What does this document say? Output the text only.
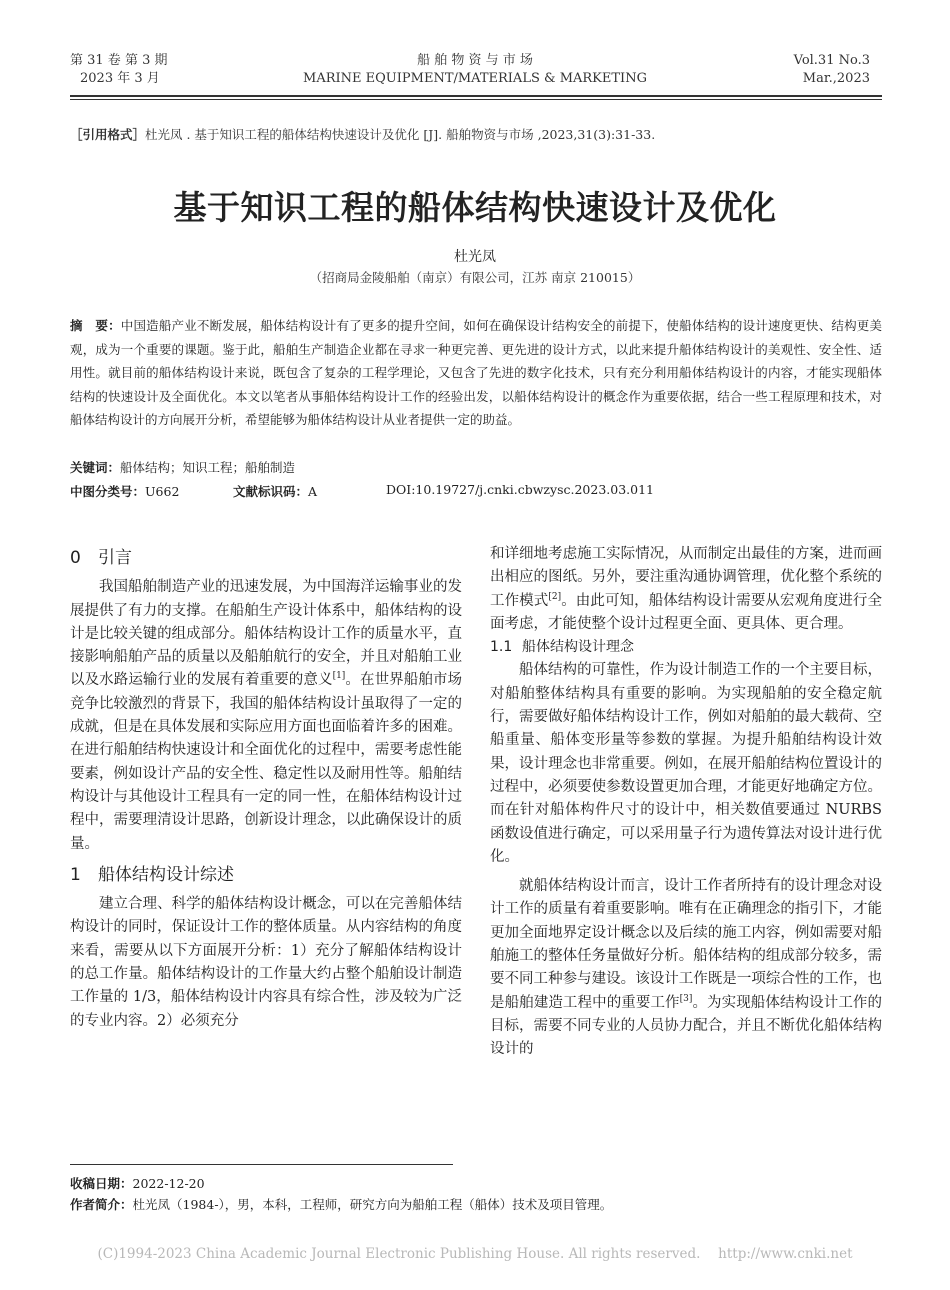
第 31 卷 第 3 期
2023 年 3 月
船 舶 物 资 与 市 场
MARINE EQUIPMENT/MATERIALS & MARKETING
Vol.31 No.3
Mar.,2023
［引用格式］杜光凤 . 基于知识工程的船体结构快速设计及优化 [J]. 船舶物资与市场 ,2023,31(3):31-33.
基于知识工程的船体结构快速设计及优化
杜光凤
（招商局金陵船舶（南京）有限公司，江苏 南京 210015）
摘　要：中国造船产业不断发展，船体结构设计有了更多的提升空间，如何在确保设计结构安全的前提下，使船体结构的设计速度更快、结构更美观，成为一个重要的课题。鉴于此，船舶生产制造企业都在寻求一种更完善、更先进的设计方式，以此来提升船体结构设计的美观性、安全性、适用性。就目前的船体结构设计来说，既包含了复杂的工程学理论，又包含了先进的数字化技术，只有充分利用船体结构设计的内容，才能实现船体结构的快速设计及全面优化。本文以笔者从事船体结构设计工作的经验出发，以船体结构设计的概念作为重要依据，结合一些工程原理和技术，对船体结构设计的方向展开分析，希望能够为船体结构设计从业者提供一定的助益。
关键词：船体结构；知识工程；船舶制造
中图分类号：U662	文献标识码：A	DOI:10.19727/j.cnki.cbwzysc.2023.03.011
0 引言

我国船舶制造产业的迅速发展，为中国海洋运输事业的发展提供了有力的支撑。在船舶生产设计体系中，船体结构的设计是比较关键的组成部分。船体结构设计工作的质量水平，直接影响船舶产品的质量以及船舶航行的安全，并且对船舶工业以及水路运输行业的发展有着重要的意义[1]。在世界船舶市场竞争比较激烈的背景下，我国的船体结构设计虽取得了一定的成就，但是在具体发展和实际应用方面也面临着许多的困难。在进行船舶结构快速设计和全面优化的过程中，需要考虑性能要素，例如设计产品的安全性、稳定性以及耐用性等。船舶结构设计与其他设计工程具有一定的同一性，在船体结构设计过程中，需要理清设计思路，创新设计理念，以此确保设计的质量。

1 船体结构设计综述

建立合理、科学的船体结构设计概念，可以在完善船体结构设计的同时，保证设计工作的整体质量。从内容结构的角度来看，需要从以下方面展开分析：1）充分了解船体结构设计的总工作量。船体结构设计的工作量大约占整个船舶设计制造工作量的 1/3，船体结构设计内容具有综合性，涉及较为广泛的专业内容。2）必须充分

和详细地考虑施工实际情况，从而制定出最佳的方案，进而画出相应的图纸。另外，要注重沟通协调管理，优化整个系统的工作模式[2]。由此可知，船体结构设计需要从宏观角度进行全面考虑，才能使整个设计过程更全面、更具体、更合理。

1.1 船体结构设计理念

船体结构的可靠性，作为设计制造工作的一个主要目标，对船舶整体结构具有重要的影响。为实现船舶的安全稳定航行，需要做好船体结构设计工作，例如对船舶的最大载荷、空船重量、船体变形量等参数的掌握。为提升船舶结构设计效果，设计理念也非常重要。例如，在展开船舶结构位置设计的过程中，必须要使参数设置更加合理，才能更好地确定方位。而在针对船体构件尺寸的设计中，相关数值要通过 NURBS 函数设值进行确定，可以采用量子行为遗传算法对设计进行优化。

就船体结构设计而言，设计工作者所持有的设计理念对设计工作的质量有着重要影响。唯有在正确理念的指引下，才能更加全面地界定设计概念以及后续的施工内容，例如需要对船舶施工的整体任务量做好分析。船体结构的组成部分较多，需要不同工种参与建设。该设计工作既是一项综合性的工作，也是船舶建造工程中的重要工作[3]。为实现船体结构设计工作的目标，需要不同专业的人员协力配合，并且不断优化船体结构设计的

收稿日期：2022-12-20
作者简介：杜光凤（1984-），男，本科，工程师，研究方向为船舶工程（船体）技术及项目管理。
(C)1994-2023 China Academic Journal Electronic Publishing House. All rights reserved.　 http://www.cnki.net
